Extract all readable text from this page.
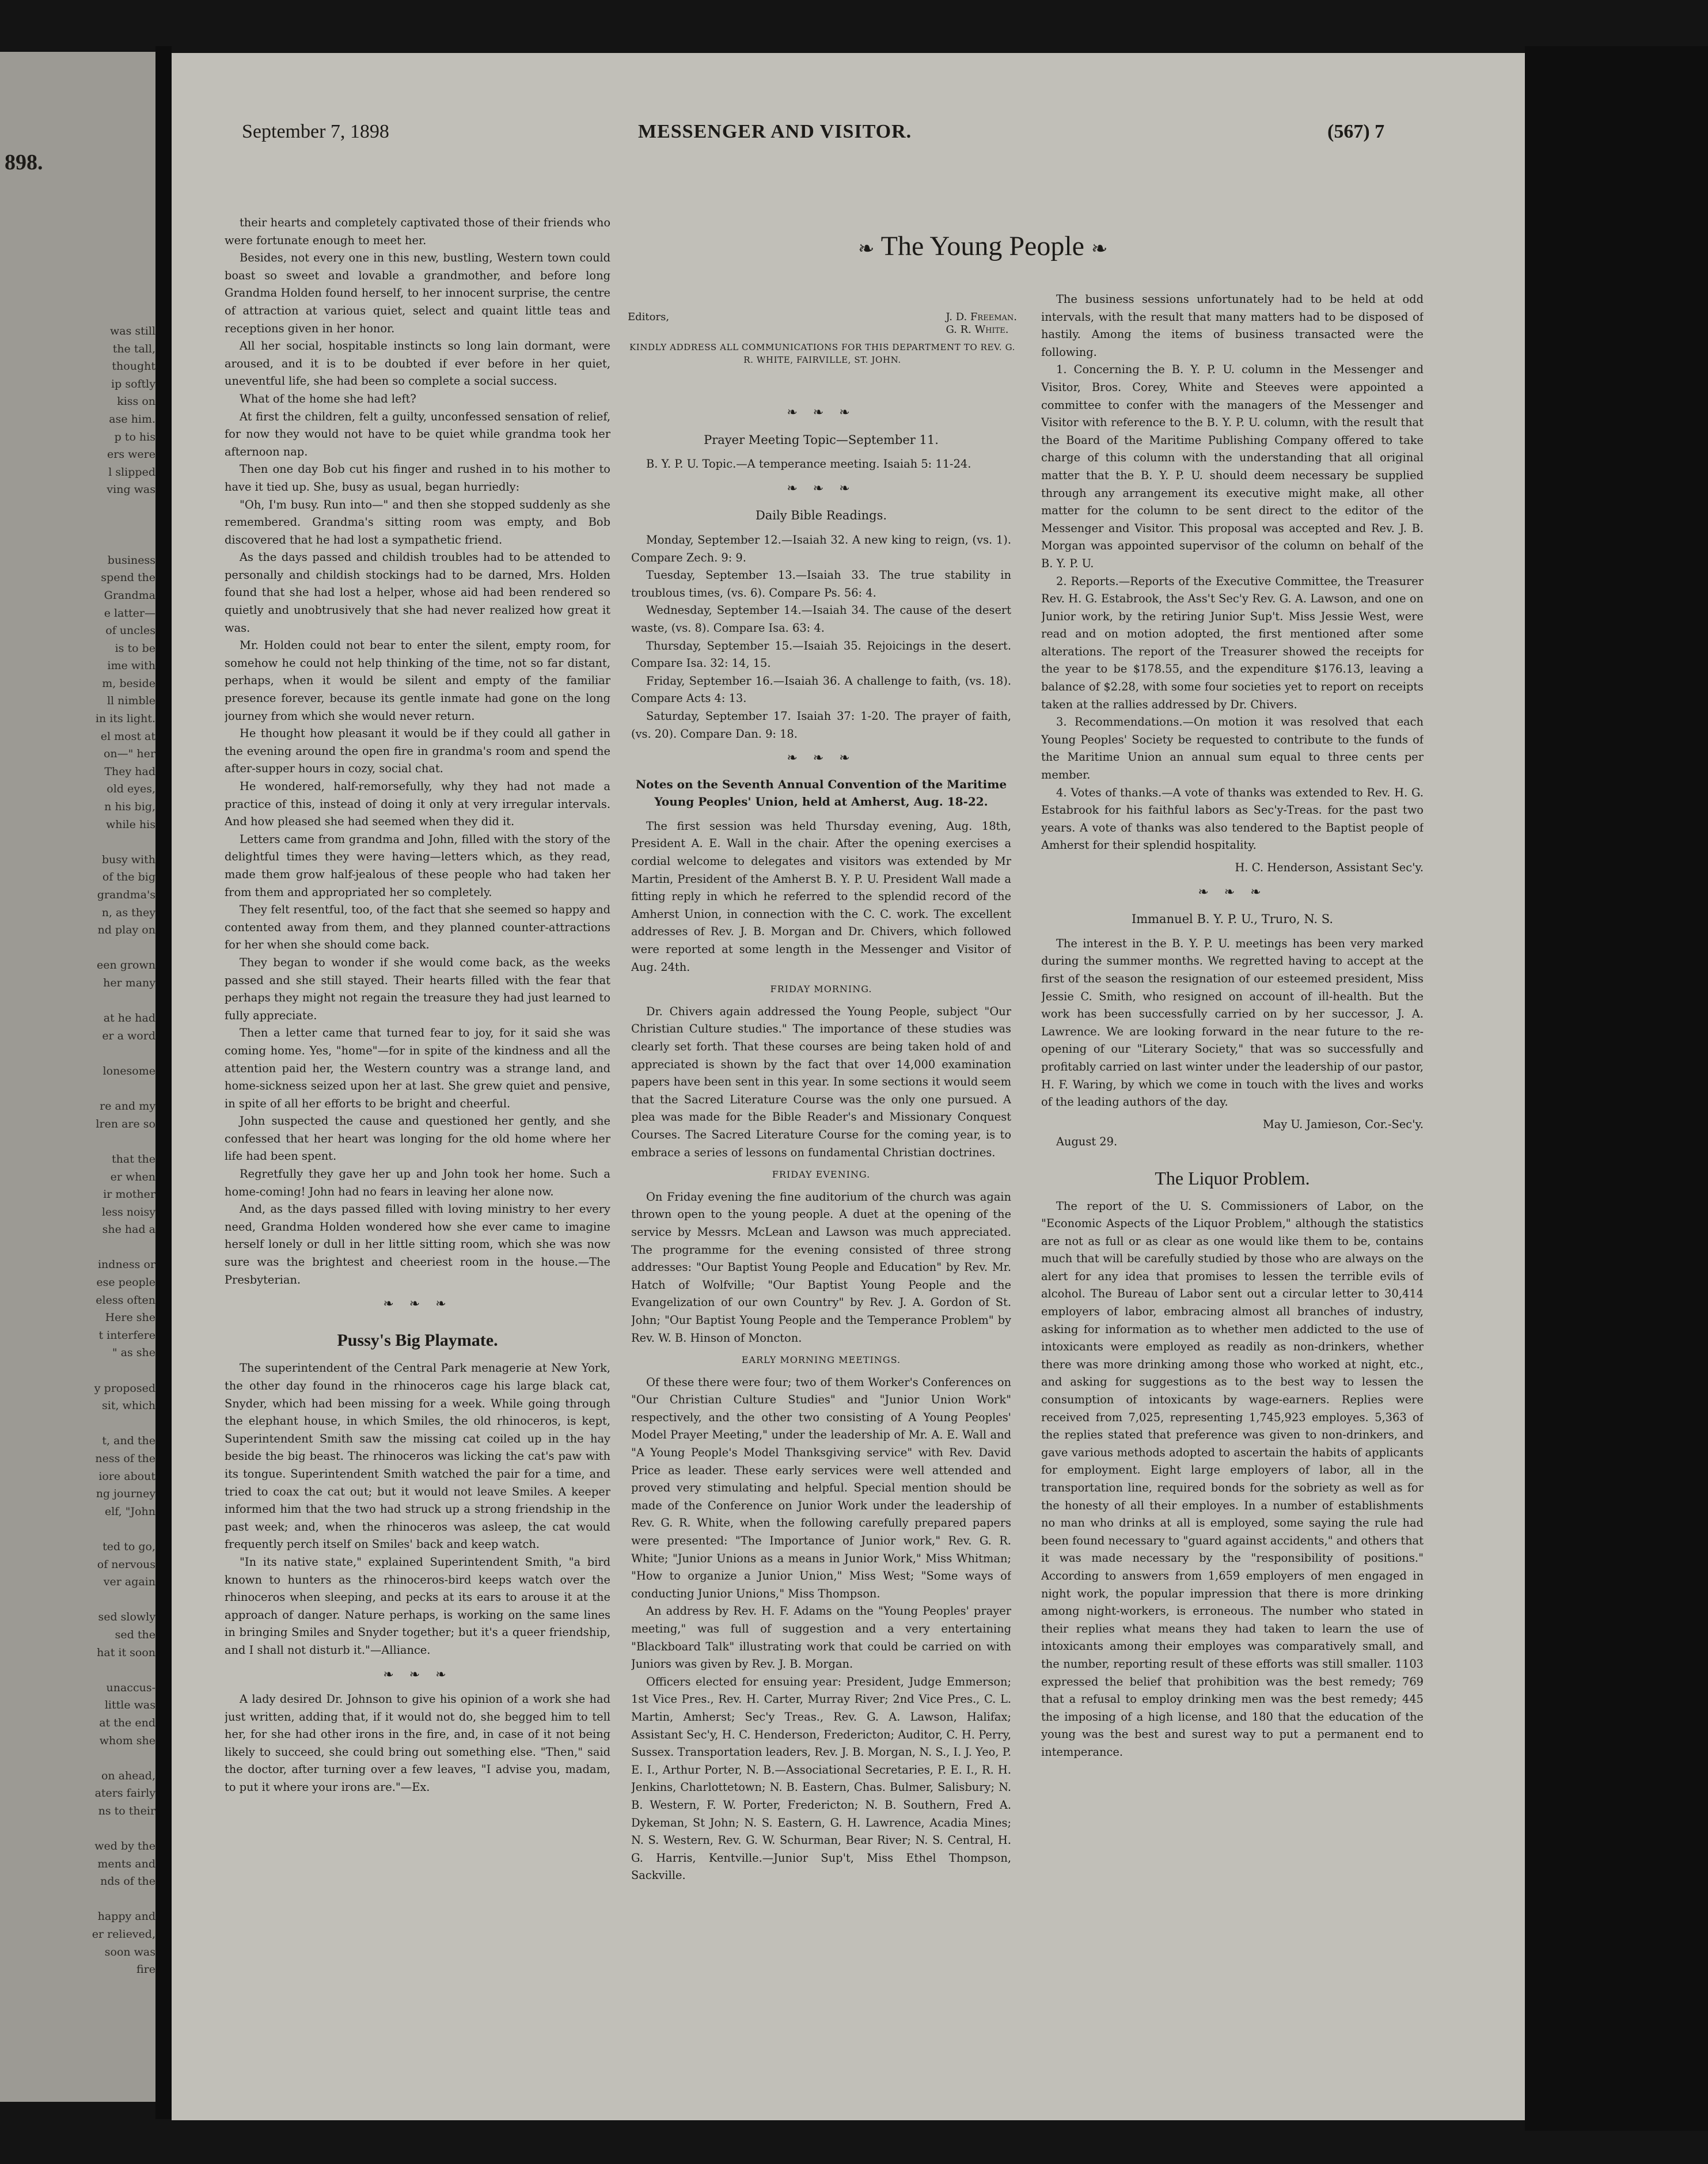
898.
was still
the tall,
thought
ip softly
kiss on
ase him.
p to his
ers were
l slipped
ving was
business
spend the
Grandma
e latter—
of uncles
is to be
ime with
m, beside
ll nimble
in its light.
el most at
on—" her
They had
old eyes,
n his big,
while his
busy with
of the big
grandma's
n, as they
nd play on
een grown
her many
at he had
er a word
lonesome
re and my
lren are so
that the
er when
ir mother
less noisy
she had a
indness or
ese people
eless often
Here she
t interfere
" as she
y proposed
sit, which
t, and the
ness of the
iore about
ng journey
elf, "John
ted to go,
of nervous
ver again
sed slowly
sed the
hat it soon
unaccus-
little was
at the end
whom she
on ahead,
aters fairly
ns to their
wed by the
ments and
nds of the
happy and
er relieved,
soon was
fire
September 7, 1898	MESSENGER AND VISITOR.	(567) 7

their hearts and completely captivated those of their friends who were fortunate enough to meet her.

Besides, not every one in this new, bustling, Western town could boast so sweet and lovable a grandmother, and before long Grandma Holden found herself, to her innocent surprise, the centre of attraction at various quiet, select and quaint little teas and receptions given in her honor.

All her social, hospitable instincts so long lain dormant, were aroused, and it is to be doubted if ever before in her quiet, uneventful life, she had been so complete a social success.

What of the home she had left?

At first the children, felt a guilty, unconfessed sensation of relief, for now they would not have to be quiet while grandma took her afternoon nap.

Then one day Bob cut his finger and rushed in to his mother to have it tied up. She, busy as usual, began hurriedly:

"Oh, I'm busy. Run into—" and then she stopped suddenly as she remembered. Grandma's sitting room was empty, and Bob discovered that he had lost a sympathetic friend.

As the days passed and childish troubles had to be attended to personally and childish stockings had to be darned, Mrs. Holden found that she had lost a helper, whose aid had been rendered so quietly and unobtrusively that she had never realized how great it was.

Mr. Holden could not bear to enter the silent, empty room, for somehow he could not help thinking of the time, not so far distant, perhaps, when it would be silent and empty of the familiar presence forever, because its gentle inmate had gone on the long journey from which she would never return.

He thought how pleasant it would be if they could all gather in the evening around the open fire in grandma's room and spend the after-supper hours in cozy, social chat.

He wondered, half-remorsefully, why they had not made a practice of this, instead of doing it only at very irregular intervals. And how pleased she had seemed when they did it.

Letters came from grandma and John, filled with the story of the delightful times they were having—letters which, as they read, made them grow half-jealous of these people who had taken her from them and appropriated her so completely.

They felt resentful, too, of the fact that she seemed so happy and contented away from them, and they planned counter-attractions for her when she should come back.

They began to wonder if she would come back, as the weeks passed and she still stayed. Their hearts filled with the fear that perhaps they might not regain the treasure they had just learned to fully appreciate.

Then a letter came that turned fear to joy, for it said she was coming home. Yes, "home"—for in spite of the kindness and all the attention paid her, the Western country was a strange land, and home-sickness seized upon her at last. She grew quiet and pensive, in spite of all her efforts to be bright and cheerful.

John suspected the cause and questioned her gently, and she confessed that her heart was longing for the old home where her life had been spent.

Regretfully they gave her up and John took her home. Such a home-coming! John had no fears in leaving her alone now.

And, as the days passed filled with loving ministry to her every need, Grandma Holden wondered how she ever came to imagine herself lonely or dull in her little sitting room, which she was now sure was the brightest and cheeriest room in the house.—The Presbyterian.

❧ ❧ ❧
Pussy's Big Playmate.

The superintendent of the Central Park menagerie at New York, the other day found in the rhinoceros cage his large black cat, Snyder, which had been missing for a week. While going through the elephant house, in which Smiles, the old rhinoceros, is kept, Superintendent Smith saw the missing cat coiled up in the hay beside the big beast. The rhinoceros was licking the cat's paw with its tongue. Superintendent Smith watched the pair for a time, and tried to coax the cat out; but it would not leave Smiles. A keeper informed him that the two had struck up a strong friendship in the past week; and, when the rhinoceros was asleep, the cat would frequently perch itself on Smiles' back and keep watch.

"In its native state," explained Superintendent Smith, "a bird known to hunters as the rhinoceros-bird keeps watch over the rhinoceros when sleeping, and pecks at its ears to arouse it at the approach of danger. Nature perhaps, is working on the same lines in bringing Smiles and Snyder together; but it's a queer friendship, and I shall not disturb it."—Alliance.

❧ ❧ ❧

A lady desired Dr. Johnson to give his opinion of a work she had just written, adding that, if it would not do, she begged him to tell her, for she had other irons in the fire, and, in case of it not being likely to succeed, she could bring out something else. "Then," said the doctor, after turning over a few leaves, "I advise you, madam, to put it where your irons are."—Ex.

❧ The Young People ❧
Editors,	J. D. Freeman.
G. R. White.
KINDLY ADDRESS ALL COMMUNICATIONS FOR THIS DEPARTMENT TO REV. G. R. WHITE, FAIRVILLE, ST. JOHN.
❧ ❧ ❧
Prayer Meeting Topic—September 11.

B. Y. P. U. Topic.—A temperance meeting. Isaiah 5: 11-24.

❧ ❧ ❧
Daily Bible Readings.

Monday, September 12.—Isaiah 32. A new king to reign, (vs. 1). Compare Zech. 9: 9.

Tuesday, September 13.—Isaiah 33. The true stability in troublous times, (vs. 6). Compare Ps. 56: 4.

Wednesday, September 14.—Isaiah 34. The cause of the desert waste, (vs. 8). Compare Isa. 63: 4.

Thursday, September 15.—Isaiah 35. Rejoicings in the desert. Compare Isa. 32: 14, 15.

Friday, September 16.—Isaiah 36. A challenge to faith, (vs. 18). Compare Acts 4: 13.

Saturday, September 17. Isaiah 37: 1-20. The prayer of faith, (vs. 20). Compare Dan. 9: 18.

❧ ❧ ❧
Notes on the Seventh Annual Convention of the Maritime Young Peoples' Union, held at Amherst, Aug. 18-22.

The first session was held Thursday evening, Aug. 18th, President A. E. Wall in the chair. After the opening exercises a cordial welcome to delegates and visitors was extended by Mr Martin, President of the Amherst B. Y. P. U. President Wall made a fitting reply in which he referred to the splendid record of the Amherst Union, in connection with the C. C. work. The excellent addresses of Rev. J. B. Morgan and Dr. Chivers, which followed were reported at some length in the Messenger and Visitor of Aug. 24th.

FRIDAY MORNING.

Dr. Chivers again addressed the Young People, subject "Our Christian Culture studies." The importance of these studies was clearly set forth. That these courses are being taken hold of and appreciated is shown by the fact that over 14,000 examination papers have been sent in this year. In some sections it would seem that the Sacred Literature Course was the only one pursued. A plea was made for the Bible Reader's and Missionary Conquest Courses. The Sacred Literature Course for the coming year, is to embrace a series of lessons on fundamental Christian doctrines.

FRIDAY EVENING.

On Friday evening the fine auditorium of the church was again thrown open to the young people. A duet at the opening of the service by Messrs. McLean and Lawson was much appreciated. The programme for the evening consisted of three strong addresses: "Our Baptist Young People and Education" by Rev. Mr. Hatch of Wolfville; "Our Baptist Young People and the Evangelization of our own Country" by Rev. J. A. Gordon of St. John; "Our Baptist Young People and the Temperance Problem" by Rev. W. B. Hinson of Moncton.

EARLY MORNING MEETINGS.

Of these there were four; two of them Worker's Conferences on "Our Christian Culture Studies" and "Junior Union Work" respectively, and the other two consisting of A Young Peoples' Model Prayer Meeting," under the leadership of Mr. A. E. Wall and "A Young People's Model Thanksgiving service" with Rev. David Price as leader. These early services were well attended and proved very stimulating and helpful. Special mention should be made of the Conference on Junior Work under the leadership of Rev. G. R. White, when the following carefully prepared papers were presented: "The Importance of Junior work," Rev. G. R. White; "Junior Unions as a means in Junior Work," Miss Whitman; "How to organize a Junior Union," Miss West; "Some ways of conducting Junior Unions," Miss Thompson.

An address by Rev. H. F. Adams on the "Young Peoples' prayer meeting," was full of suggestion and a very entertaining "Blackboard Talk" illustrating work that could be carried on with Juniors was given by Rev. J. B. Morgan.

Officers elected for ensuing year: President, Judge Emmerson; 1st Vice Pres., Rev. H. Carter, Murray River; 2nd Vice Pres., C. L. Martin, Amherst; Sec'y Treas., Rev. G. A. Lawson, Halifax; Assistant Sec'y, H. C. Henderson, Fredericton; Auditor, C. H. Perry, Sussex. Transportation leaders, Rev. J. B. Morgan, N. S., I. J. Yeo, P. E. I., Arthur Porter, N. B.—Associational Secretaries, P. E. I., R. H. Jenkins, Charlottetown; N. B. Eastern, Chas. Bulmer, Salisbury; N. B. Western, F. W. Porter, Fredericton; N. B. Southern, Fred A. Dykeman, St John; N. S. Eastern, G. H. Lawrence, Acadia Mines; N. S. Western, Rev. G. W. Schurman, Bear River; N. S. Central, H. G. Harris, Kentville.—Junior Sup't, Miss Ethel Thompson, Sackville.

The business sessions unfortunately had to be held at odd intervals, with the result that many matters had to be disposed of hastily. Among the items of business transacted were the following.

1. Concerning the B. Y. P. U. column in the Messenger and Visitor, Bros. Corey, White and Steeves were appointed a committee to confer with the managers of the Messenger and Visitor with reference to the B. Y. P. U. column, with the result that the Board of the Maritime Publishing Company offered to take charge of this column with the understanding that all original matter that the B. Y. P. U. should deem necessary be supplied through any arrangement its executive might make, all other matter for the column to be sent direct to the editor of the Messenger and Visitor. This proposal was accepted and Rev. J. B. Morgan was appointed supervisor of the column on behalf of the B. Y. P. U.

2. Reports.—Reports of the Executive Committee, the Treasurer Rev. H. G. Estabrook, the Ass't Sec'y Rev. G. A. Lawson, and one on Junior work, by the retiring Junior Sup't. Miss Jessie West, were read and on motion adopted, the first mentioned after some alterations. The report of the Treasurer showed the receipts for the year to be $178.55, and the expenditure $176.13, leaving a balance of $2.28, with some four societies yet to report on receipts taken at the rallies addressed by Dr. Chivers.

3. Recommendations.—On motion it was resolved that each Young Peoples' Society be requested to contribute to the funds of the Maritime Union an annual sum equal to three cents per member.

4. Votes of thanks.—A vote of thanks was extended to Rev. H. G. Estabrook for his faithful labors as Sec'y-Treas. for the past two years. A vote of thanks was also tendered to the Baptist people of Amherst for their splendid hospitality.

H. C. Henderson, Assistant Sec'y.

❧ ❧ ❧
Immanuel B. Y. P. U., Truro, N. S.

The interest in the B. Y. P. U. meetings has been very marked during the summer months. We regretted having to accept at the first of the season the resignation of our esteemed president, Miss Jessie C. Smith, who resigned on account of ill-health. But the work has been successfully carried on by her successor, J. A. Lawrence. We are looking forward in the near future to the re-opening of our "Literary Society," that was so successfully and profitably carried on last winter under the leadership of our pastor, H. F. Waring, by which we come in touch with the lives and works of the leading authors of the day.

May U. Jamieson, Cor.-Sec'y.

August 29.

The Liquor Problem.

The report of the U. S. Commissioners of Labor, on the "Economic Aspects of the Liquor Problem," although the statistics are not as full or as clear as one would like them to be, contains much that will be carefully studied by those who are always on the alert for any idea that promises to lessen the terrible evils of alcohol. The Bureau of Labor sent out a circular letter to 30,414 employers of labor, embracing almost all branches of industry, asking for information as to whether men addicted to the use of intoxicants were employed as readily as non-drinkers, whether there was more drinking among those who worked at night, etc., and asking for suggestions as to the best way to lessen the consumption of intoxicants by wage-earners. Replies were received from 7,025, representing 1,745,923 employes. 5,363 of the replies stated that preference was given to non-drinkers, and gave various methods adopted to ascertain the habits of applicants for employment. Eight large employers of labor, all in the transportation line, required bonds for the sobriety as well as for the honesty of all their employes. In a number of establishments no man who drinks at all is employed, some saying the rule had been found necessary to "guard against accidents," and others that it was made necessary by the "responsibility of positions." According to answers from 1,659 employers of men engaged in night work, the popular impression that there is more drinking among night-workers, is erroneous. The number who stated in their replies what means they had taken to learn the use of intoxicants among their employes was comparatively small, and the number, reporting result of these efforts was still smaller. 1103 expressed the belief that prohibition was the best remedy; 769 that a refusal to employ drinking men was the best remedy; 445 the imposing of a high license, and 180 that the education of the young was the best and surest way to put a permanent end to intemperance.
